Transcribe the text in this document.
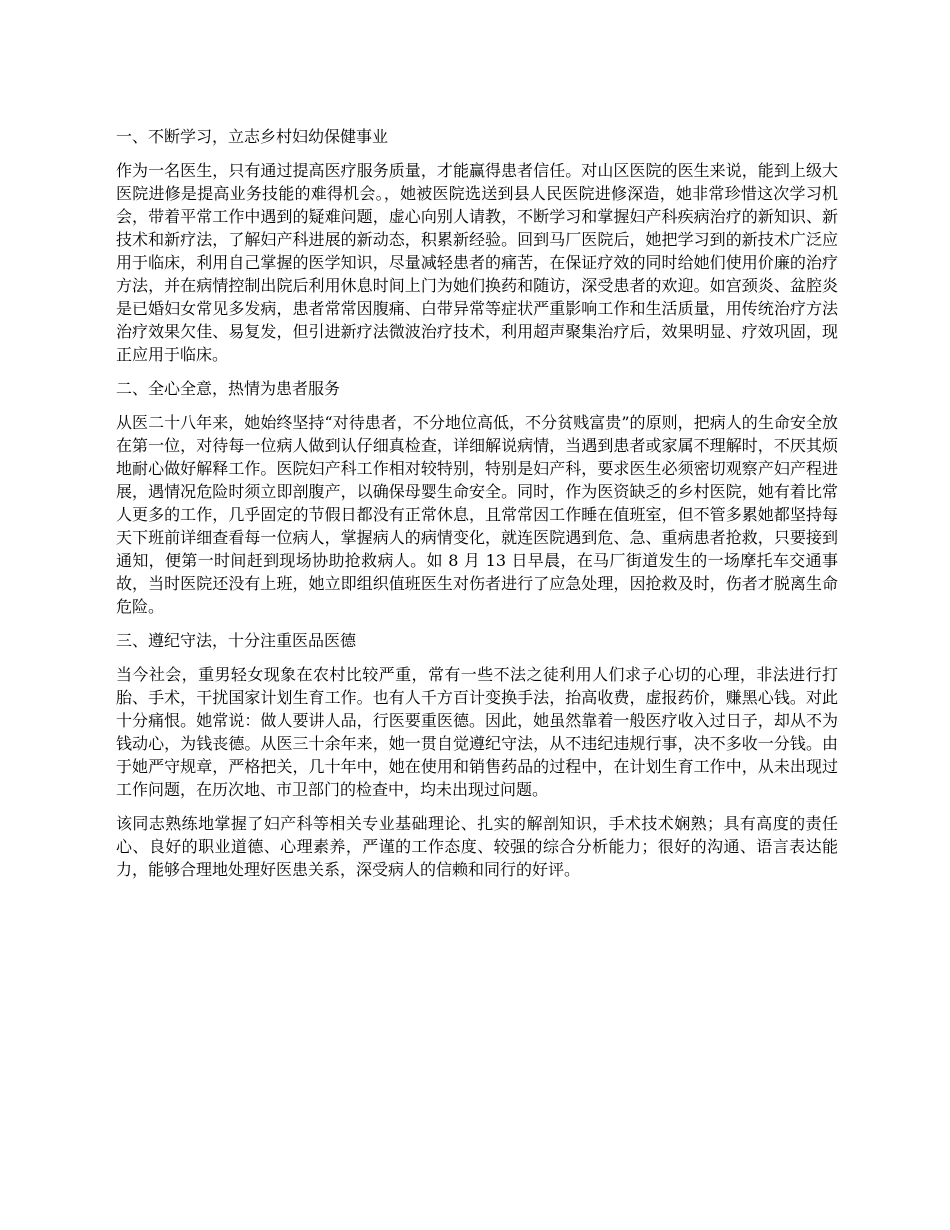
一、不断学习，立志乡村妇幼保健事业

作为一名医生，只有通过提高医疗服务质量，才能赢得患者信任。对山区医院的医生来说，能到上级大医院进修是提高业务技能的难得机会。，她被医院选送到县人民医院进修深造，她非常珍惜这次学习机会，带着平常工作中遇到的疑难问题，虚心向别人请教，不断学习和掌握妇产科疾病治疗的新知识、新技术和新疗法，了解妇产科进展的新动态，积累新经验。回到马厂医院后，她把学习到的新技术广泛应用于临床，利用自己掌握的医学知识，尽量减轻患者的痛苦，在保证疗效的同时给她们使用价廉的治疗方法，并在病情控制出院后利用休息时间上门为她们换药和随访，深受患者的欢迎。如宫颈炎、盆腔炎是已婚妇女常见多发病，患者常常因腹痛、白带异常等症状严重影响工作和生活质量，用传统治疗方法治疗效果欠佳、易复发，但引进新疗法微波治疗技术，利用超声聚集治疗后，效果明显、疗效巩固，现正应用于临床。

二、全心全意，热情为患者服务

从医二十八年来，她始终坚持“对待患者，不分地位高低，不分贫贱富贵”的原则，把病人的生命安全放在第一位，对待每一位病人做到认仔细真检查，详细解说病情，当遇到患者或家属不理解时，不厌其烦地耐心做好解释工作。医院妇产科工作相对较特别，特别是妇产科，要求医生必须密切观察产妇产程进展，遇情况危险时须立即剖腹产，以确保母婴生命安全。同时，作为医资缺乏的乡村医院，她有着比常人更多的工作，几乎固定的节假日都没有正常休息，且常常因工作睡在值班室，但不管多累她都坚持每天下班前详细查看每一位病人，掌握病人的病情变化，就连医院遇到危、急、重病患者抢救，只要接到通知，便第一时间赶到现场协助抢救病人。如 8 月 13 日早晨，在马厂街道发生的一场摩托车交通事故，当时医院还没有上班，她立即组织值班医生对伤者进行了应急处理，因抢救及时，伤者才脱离生命危险。

三、遵纪守法，十分注重医品医德

当今社会，重男轻女现象在农村比较严重，常有一些不法之徒利用人们求子心切的心理，非法进行打胎、手术，干扰国家计划生育工作。也有人千方百计变换手法，抬高收费，虚报药价，赚黑心钱。对此十分痛恨。她常说：做人要讲人品，行医要重医德。因此，她虽然靠着一般医疗收入过日子，却从不为钱动心，为钱丧德。从医三十余年来，她一贯自觉遵纪守法，从不违纪违规行事，决不多收一分钱。由于她严守规章，严格把关，几十年中，她在使用和销售药品的过程中，在计划生育工作中，从未出现过工作问题，在历次地、市卫部门的检查中，均未出现过问题。

该同志熟练地掌握了妇产科等相关专业基础理论、扎实的解剖知识，手术技术娴熟；具有高度的责任心、良好的职业道德、心理素养，严谨的工作态度、较强的综合分析能力；很好的沟通、语言表达能力，能够合理地处理好医患关系，深受病人的信赖和同行的好评。
